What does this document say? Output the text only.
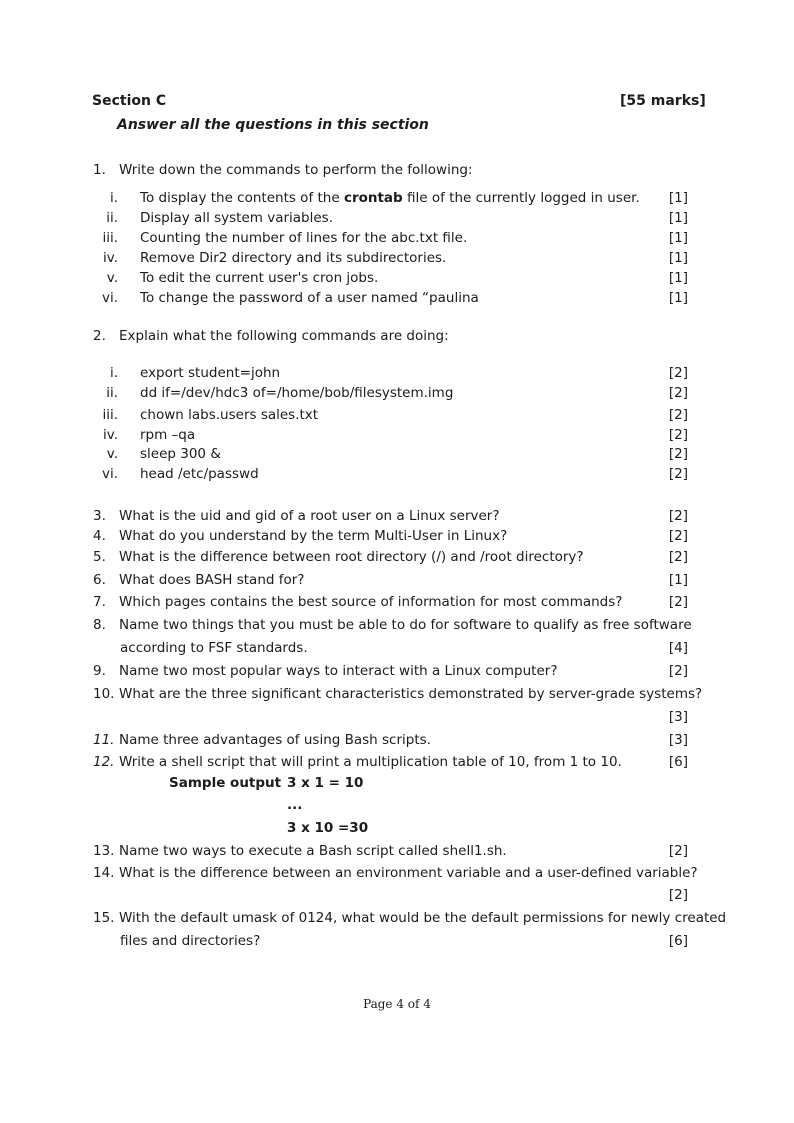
Section C	[55 marks]
Answer all the questions in this section
1. Write down the commands to perform the following:
i. To display the contents of the crontab file of the currently logged in user.	[1]
ii. Display all system variables.	[1]
iii. Counting the number of lines for the abc.txt file.	[1]
iv. Remove Dir2 directory and its subdirectories.	[1]
v. To edit the current user's cron jobs.	[1]
vi. To change the password of a user named “paulina	[1]
2. Explain what the following commands are doing:
i. export student=john	[2]
ii. dd if=/dev/hdc3 of=/home/bob/filesystem.img	[2]
iii. chown labs.users sales.txt	[2]
iv. rpm –qa	[2]
v. sleep 300 &	[2]
vi. head /etc/passwd	[2]
3. What is the uid and gid of a root user on a Linux server?	[2]
4. What do you understand by the term Multi-User in Linux?	[2]
5. What is the difference between root directory (/) and /root directory?	[2]
6. What does BASH stand for?	[1]
7. Which pages contains the best source of information for most commands?	[2]
8. Name two things that you must be able to do for software to qualify as free software
according to FSF standards.	[4]
9. Name two most popular ways to interact with a Linux computer?	[2]
10. What are the three significant characteristics demonstrated by server-grade systems?
[3]
11. Name three advantages of using Bash scripts.	[3]
12. Write a shell script that will print a multiplication table of 10, from 1 to 10.	[6]
Sample output 3 x 1 = 10
...
3 x 10 =30
13. Name two ways to execute a Bash script called shell1.sh.	[2]
14. What is the difference between an environment variable and a user-defined variable?
[2]
15. With the default umask of 0124, what would be the default permissions for newly created
files and directories?	[6]
Page 4 of 4
